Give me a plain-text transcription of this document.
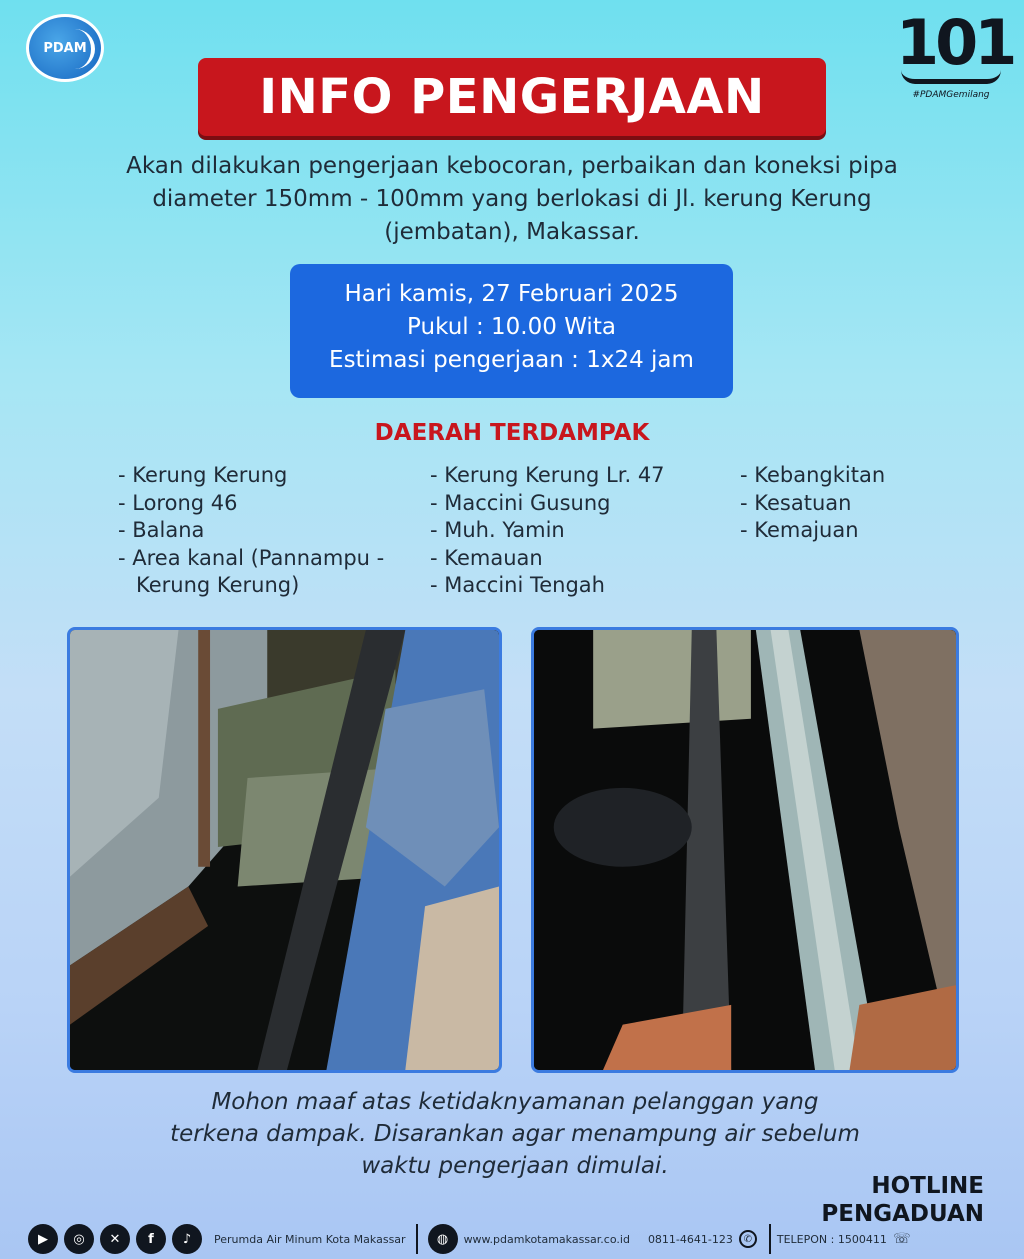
PDAM	101
#PDAMGemilang
INFO PENGERJAAN
Akan dilakukan pengerjaan kebocoran, perbaikan dan koneksi pipa
diameter 150mm - 100mm yang berlokasi di Jl. kerung Kerung
(jembatan), Makassar.
Hari kamis, 27 Februari 2025
Pukul : 10.00 Wita
Estimasi pengerjaan : 1x24 jam
DAERAH TERDAMPAK
- Kerung Kerung
- Lorong 46
- Balana
- Area kanal (Pannampu -Kerung Kerung)
- Kerung Kerung Lr. 47
- Maccini Gusung
- Muh. Yamin
- Kemauan
- Maccini Tengah
- Kebangkitan
- Kesatuan
- Kemajuan
Mohon maaf atas ketidaknyamanan pelanggan yang
terkena dampak. Disarankan agar menampung air sebelum
waktu pengerjaan dimulai.
HOTLINE
PENGADUAN
▶	◎	✕	f	♪	Perumda Air Minum Kota Makassar	◍	www.pdamkotamakassar.co.id 0811-4641-123	✆	TELEPON : 1500411 ☏
